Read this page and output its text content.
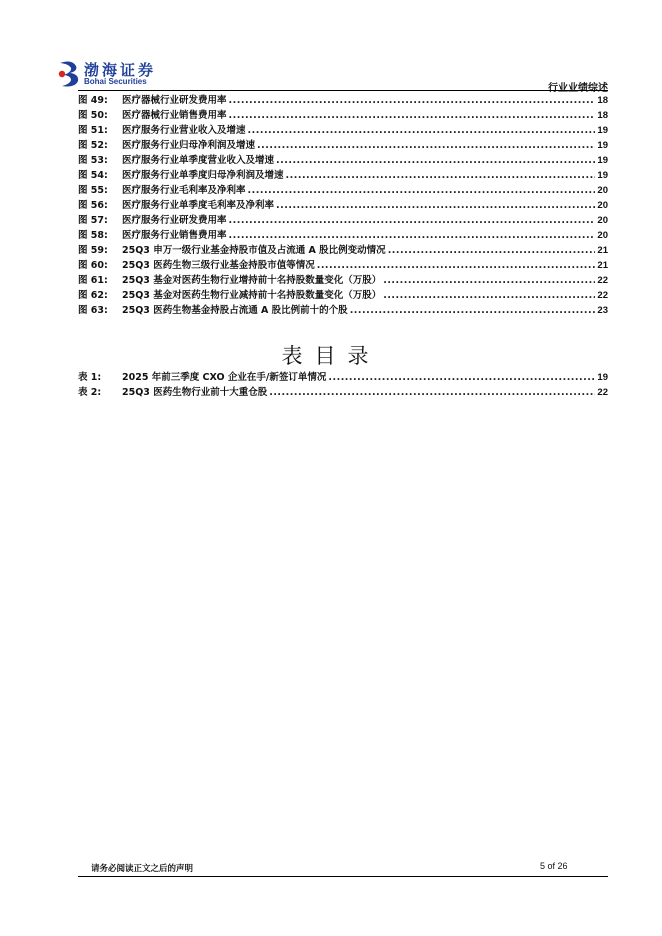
渤海证券
Bohai Securities
行业业绩综述
图 49:	医疗器械行业研发费用率 .....	18
图 50:	医疗器械行业销售费用率 .....	18
图 51:	医疗服务行业营业收入及增速 .....	19
图 52:	医疗服务行业归母净利润及增速 .....	19
图 53:	医疗服务行业单季度营业收入及增速 .....	19
图 54:	医疗服务行业单季度归母净利润及增速 .....	19
图 55:	医疗服务行业毛利率及净利率 .....	20
图 56:	医疗服务行业单季度毛利率及净利率 .....	20
图 57:	医疗服务行业研发费用率 .....	20
图 58:	医疗服务行业销售费用率 .....	20
图 59:	25Q3 申万一级行业基金持股市值及占流通 A 股比例变动情况 .....	21
图 60:	25Q3 医药生物三级行业基金持股市值等情况 .....	21
图 61:	25Q3 基金对医药生物行业增持前十名持股数量变化（万股） .....	22
图 62:	25Q3 基金对医药生物行业减持前十名持股数量变化（万股） .....	22
图 63:	25Q3 医药生物基金持股占流通 A 股比例前十的个股 .....	23
表目录
表 1:	2025 年前三季度 CXO 企业在手/新签订单情况 .....	19
表 2:	25Q3 医药生物行业前十大重仓股 .....	22
请务必阅读正文之后的声明	5 of 26
